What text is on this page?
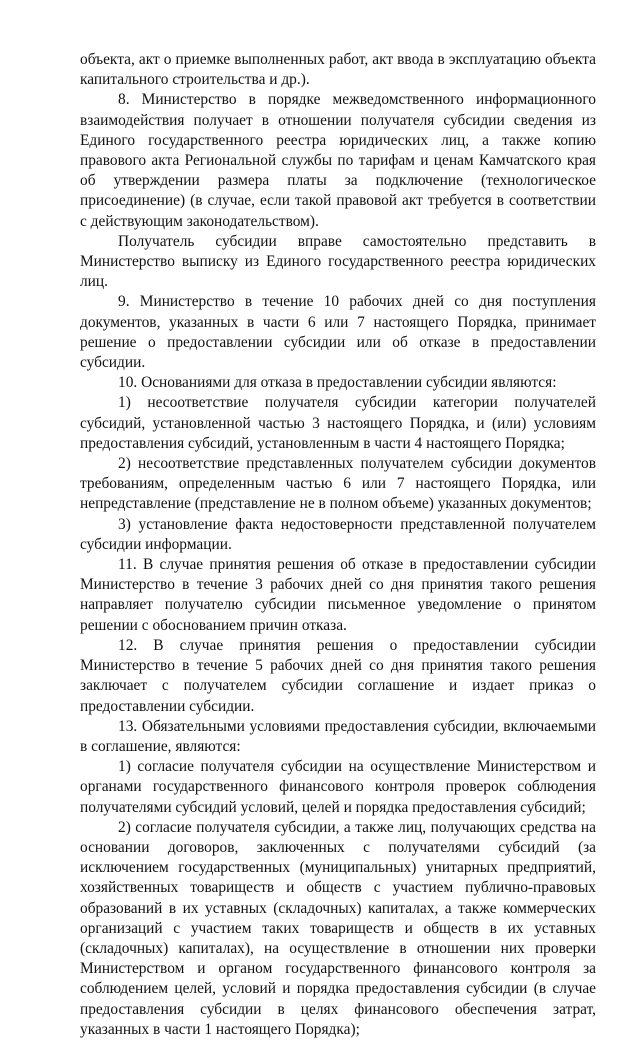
объекта, акт о приемке выполненных работ, акт ввода в эксплуатацию объекта капитального строительства и др.).

8. Министерство в порядке межведомственного информационного взаимодействия получает в отношении получателя субсидии сведения из Единого государственного реестра юридических лиц, а также копию правового акта Региональной службы по тарифам и ценам Камчатского края об утверждении размера платы за подключение (технологическое присоединение) (в случае, если такой правовой акт требуется в соответствии с действующим законодательством).

Получатель субсидии вправе самостоятельно представить в Министерство выписку из Единого государственного реестра юридических лиц.

9. Министерство в течение 10 рабочих дней со дня поступления документов, указанных в части 6 или 7 настоящего Порядка, принимает решение о предоставлении субсидии или об отказе в предоставлении субсидии.

10. Основаниями для отказа в предоставлении субсидии являются:

1) несоответствие получателя субсидии категории получателей субсидий, установленной частью 3 настоящего Порядка, и (или) условиям предоставления субсидий, установленным в части 4 настоящего Порядка;

2) несоответствие представленных получателем субсидии документов требованиям, определенным частью 6 или 7 настоящего Порядка, или непредставление (представление не в полном объеме) указанных документов;

3) установление факта недостоверности представленной получателем субсидии информации.

11. В случае принятия решения об отказе в предоставлении субсидии Министерство в течение 3 рабочих дней со дня принятия такого решения направляет получателю субсидии письменное уведомление о принятом решении с обоснованием причин отказа.

12. В случае принятия решения о предоставлении субсидии Министерство в течение 5 рабочих дней со дня принятия такого решения заключает с получателем субсидии соглашение и издает приказ о предоставлении субсидии.

13. Обязательными условиями предоставления субсидии, включаемыми в соглашение, являются:

1) согласие получателя субсидии на осуществление Министерством и органами государственного финансового контроля проверок соблюдения получателями субсидий условий, целей и порядка предоставления субсидий;

2) согласие получателя субсидии, а также лиц, получающих средства на основании договоров, заключенных с получателями субсидий (за исключением государственных (муниципальных) унитарных предприятий, хозяйственных товариществ и обществ с участием публично-правовых образований в их уставных (складочных) капиталах, а также коммерческих организаций с участием таких товариществ и обществ в их уставных (складочных) капиталах), на осуществление в отношении них проверки Министерством и органом государственного финансового контроля за соблюдением целей, условий и порядка предоставления субсидии (в случае предоставления субсидии в целях финансового обеспечения затрат, указанных в части 1 настоящего Порядка);
